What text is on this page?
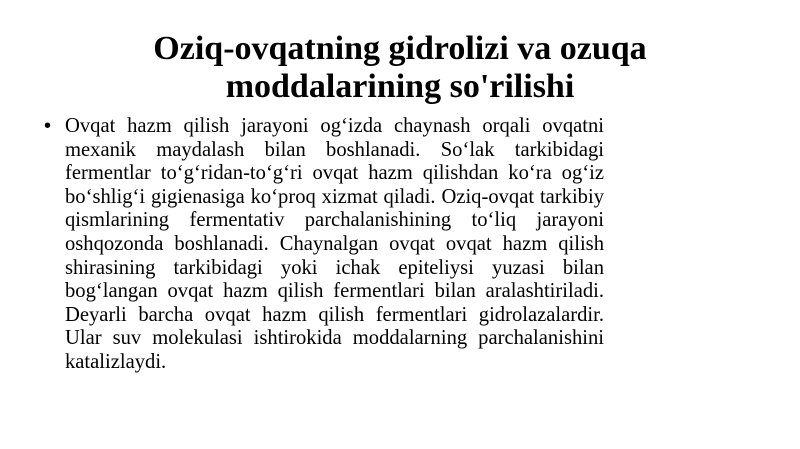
Oziq-ovqatning gidrolizi va ozuqa
moddalarining so'rilishi
• Ovqat hazm qilish jarayoni og‘izda chaynash orqali ovqatni mexanik maydalash bilan boshlanadi. So‘lak tarkibidagi fermentlar to‘g‘ridan-to‘g‘ri ovqat hazm qilishdan ko‘ra og‘iz bo‘shlig‘i gigienasiga ko‘proq xizmat qiladi. Oziq-ovqat tarkibiy qismlarining fermentativ parchalanishining to‘liq jarayoni oshqozonda boshlanadi. Chaynalgan ovqat ovqat hazm qilish shirasining tarkibidagi yoki ichak epiteliysi yuzasi bilan bog‘langan ovqat hazm qilish fermentlari bilan aralashtiriladi. Deyarli barcha ovqat hazm qilish fermentlari gidrolazalardir. Ular suv molekulasi ishtirokida moddalarning parchalanishini katalizlaydi.
